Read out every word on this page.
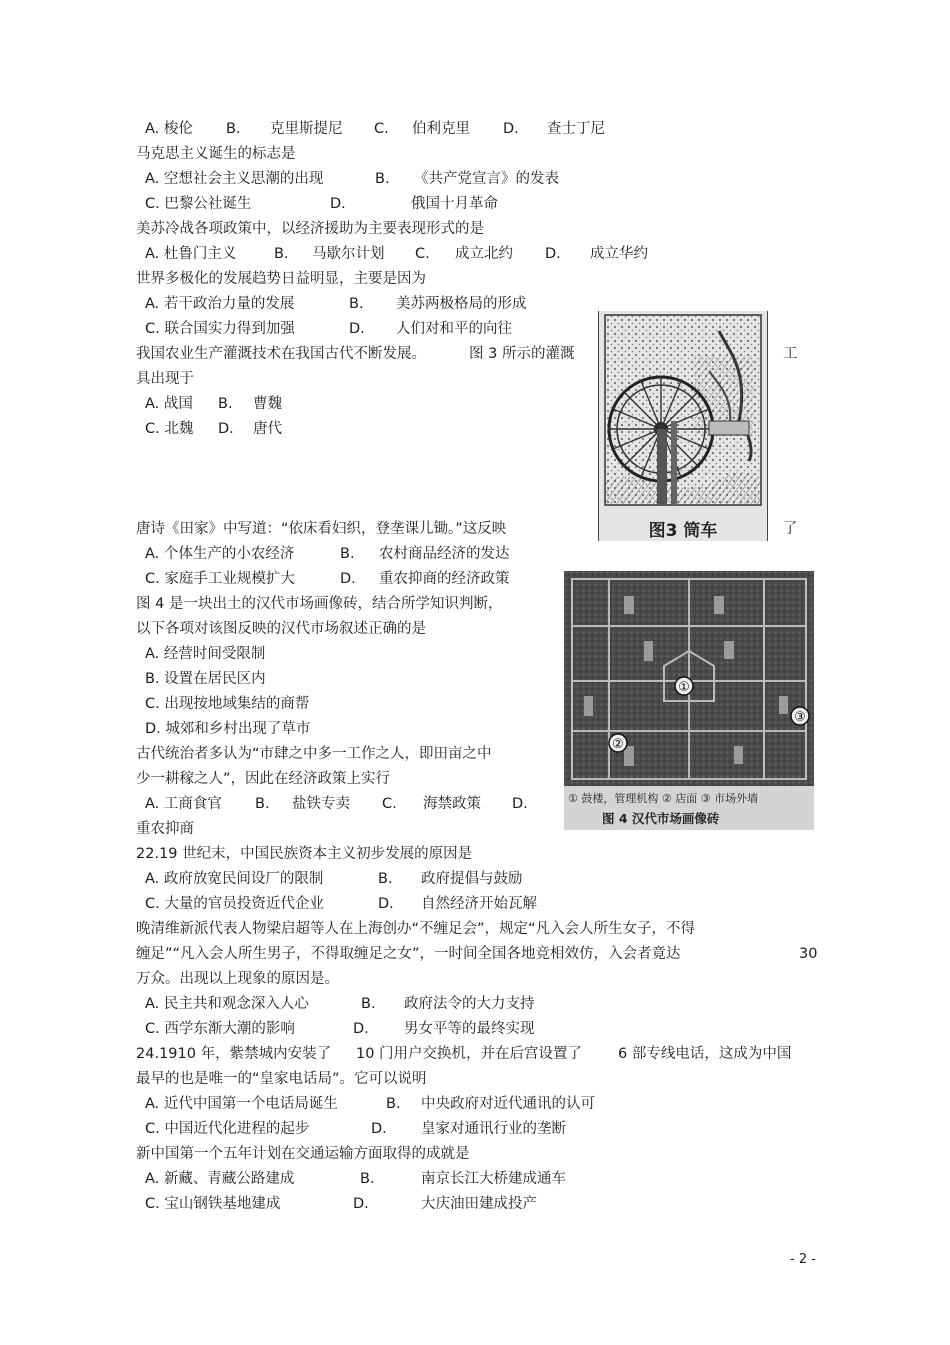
A. 梭伦 B. 克里斯提尼 C. 伯利克里 D. 查士丁尼
马克思主义诞生的标志是
A. 空想社会主义思潮的出现	B. 《共产党宣言》的发表
C. 巴黎公社诞生	D.	俄国十月革命
美苏冷战各项政策中，以经济援助为主要表现形式的是
A. 杜鲁门主义	B. 马歇尔计划 C. 成立北约 D. 成立华约
世界多极化的发展趋势日益明显，主要是因为
A. 若干政治力量的发展	B. 美苏两极格局的形成
C. 联合国实力得到加强	D. 人们对和平的向往
我国农业生产灌溉技术在我国古代不断发展。	图 3 所示的灌溉	工
具出现于
A. 战国 B. 曹魏
C. 北魏 D. 唐代
唐诗《田家》中写道：“依床看妇织，登垄课儿锄。”这反映	了
A. 个体生产的小农经济	B. 农村商品经济的发达
C. 家庭手工业规模扩大	D. 重农抑商的经济政策
图 4 是一块出土的汉代市场画像砖，结合所学知识判断，
以下各项对该图反映的汉代市场叙述正确的是
A. 经营时间受限制
B. 设置在居民区内
C. 出现按地域集结的商帮
D. 城郊和乡村出现了草市
古代统治者多认为“市肆之中多一工作之人，即田亩之中
少一耕稼之人”，因此在经济政策上实行
A. 工商食官 B. 盐铁专卖 C. 海禁政策 D.
重农抑商
22.19 世纪末，中国民族资本主义初步发展的原因是
A. 政府放宽民间设厂的限制	B. 政府提倡与鼓励
C. 大量的官员投资近代企业	D. 自然经济开始瓦解
晚清维新派代表人物梁启超等人在上海创办“不缠足会”，规定“凡入会人所生女子，不得
缠足”“凡入会人所生男子，不得取缠足之女”，一时间全国各地竞相效仿，入会者竟达	30
万众。出现以上现象的原因是。
A. 民主共和观念深入人心	B. 政府法令的大力支持
C. 西学东渐大潮的影响	D. 男女平等的最终实现
24.1910 年，紫禁城内安装了 10 门用户交换机，并在后宫设置了 6 部专线电话，这成为中国
最早的也是唯一的“皇家电话局”。它可以说明
A. 近代中国第一个电话局诞生	B. 中央政府对近代通讯的认可
C. 中国近代化进程的起步	D. 皇家对通讯行业的垄断
新中国第一个五年计划在交通运输方面取得的成就是
A. 新藏、青藏公路建成	B.	南京长江大桥建成通车
C. 宝山钢铁基地建成	D.	大庆油田建成投产
图3 筒车
①
②
③
① 鼓楼，管理机构 ② 店面 ③ 市场外墙
图 4 汉代市场画像砖
- 2 -
